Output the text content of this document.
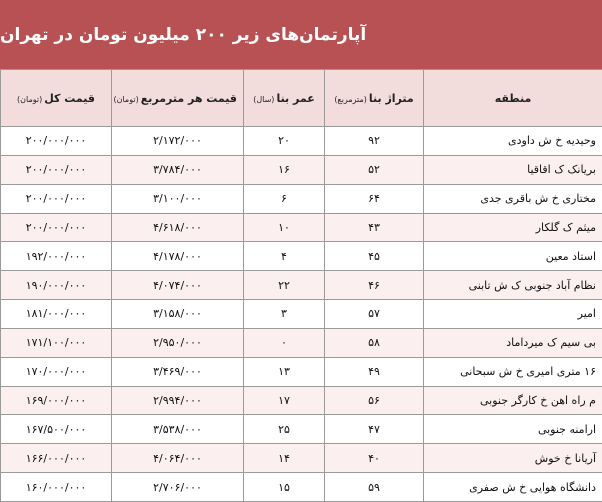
آپارتمان‌های زیر ۲۰۰ میلیون تومان در تهران
منطقه	متراژ بنا(مترمربع)	عمر بنا(سال)	قیمت هر مترمربع(تومان)	قیمت کل(تومان)
وحیدیه خ ش داودی	۹۲	۲۰	۲/۱۷۲/۰۰۰	۲۰۰/۰۰۰/۰۰۰
بریانک ک اقاقیا	۵۲	۱۶	۳/۷۸۴/۰۰۰	۲۰۰/۰۰۰/۰۰۰
مختاری خ ش باقری جدی	۶۴	۶	۳/۱۰۰/۰۰۰	۲۰۰/۰۰۰/۰۰۰
میثم ک گلکار	۴۳	۱۰	۴/۶۱۸/۰۰۰	۲۰۰/۰۰۰/۰۰۰
استاد معین	۴۵	۴	۴/۱۷۸/۰۰۰	۱۹۲/۰۰۰/۰۰۰
نظام آباد جنوبی ک ش تابنی	۴۶	۲۲	۴/۰۷۴/۰۰۰	۱۹۰/۰۰۰/۰۰۰
امیر	۵۷	۳	۳/۱۵۸/۰۰۰	۱۸۱/۰۰۰/۰۰۰
بی سیم ک میرداماد	۵۸	۰	۲/۹۵۰/۰۰۰	۱۷۱/۱۰۰/۰۰۰
۱۶ متری امیری خ ش سبحانی	۴۹	۱۳	۳/۴۶۹/۰۰۰	۱۷۰/۰۰۰/۰۰۰
م راه اهن خ کارگر جنوبی	۵۶	۱۷	۲/۹۹۴/۰۰۰	۱۶۹/۰۰۰/۰۰۰
ارامنه جنوبی	۴۷	۲۵	۳/۵۳۸/۰۰۰	۱۶۷/۵۰۰/۰۰۰
آریانا خ خوش	۴۰	۱۴	۴/۰۶۴/۰۰۰	۱۶۶/۰۰۰/۰۰۰
دانشگاه هوایی خ ش صفری	۵۹	۱۵	۲/۷۰۶/۰۰۰	۱۶۰/۰۰۰/۰۰۰
